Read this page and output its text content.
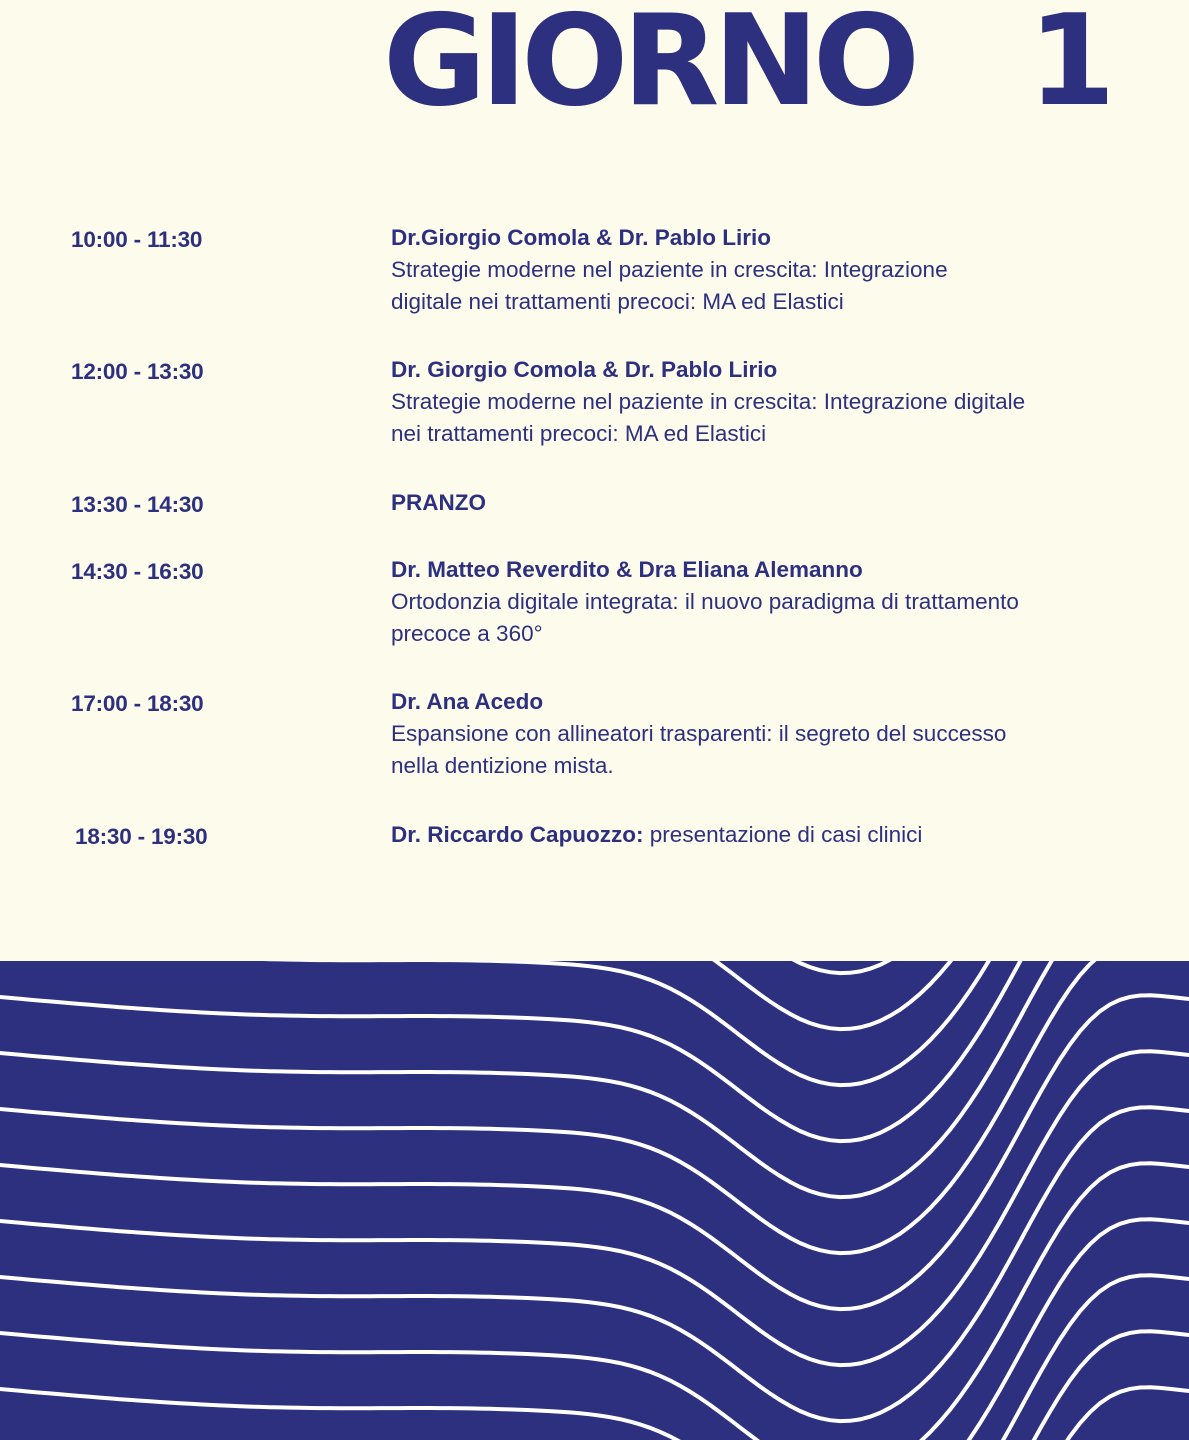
GIORNO 1
10:00 - 11:30	Dr.Giorgio Comola & Dr. Pablo Lirio
Strategie moderne nel paziente in crescita: Integrazione
digitale nei trattamenti precoci: MA ed Elastici
12:00 - 13:30	Dr. Giorgio Comola & Dr. Pablo Lirio
Strategie moderne nel paziente in crescita: Integrazione digitale
nei trattamenti precoci: MA ed Elastici
13:30 - 14:30	PRANZO
14:30 - 16:30	Dr. Matteo Reverdito & Dra Eliana Alemanno
Ortodonzia digitale integrata: il nuovo paradigma di trattamento
precoce a 360°
17:00 - 18:30	Dr. Ana Acedo
Espansione con allineatori trasparenti: il segreto del successo
nella dentizione mista.
18:30 - 19:30	Dr. Riccardo Capuozzo: presentazione di casi clinici
